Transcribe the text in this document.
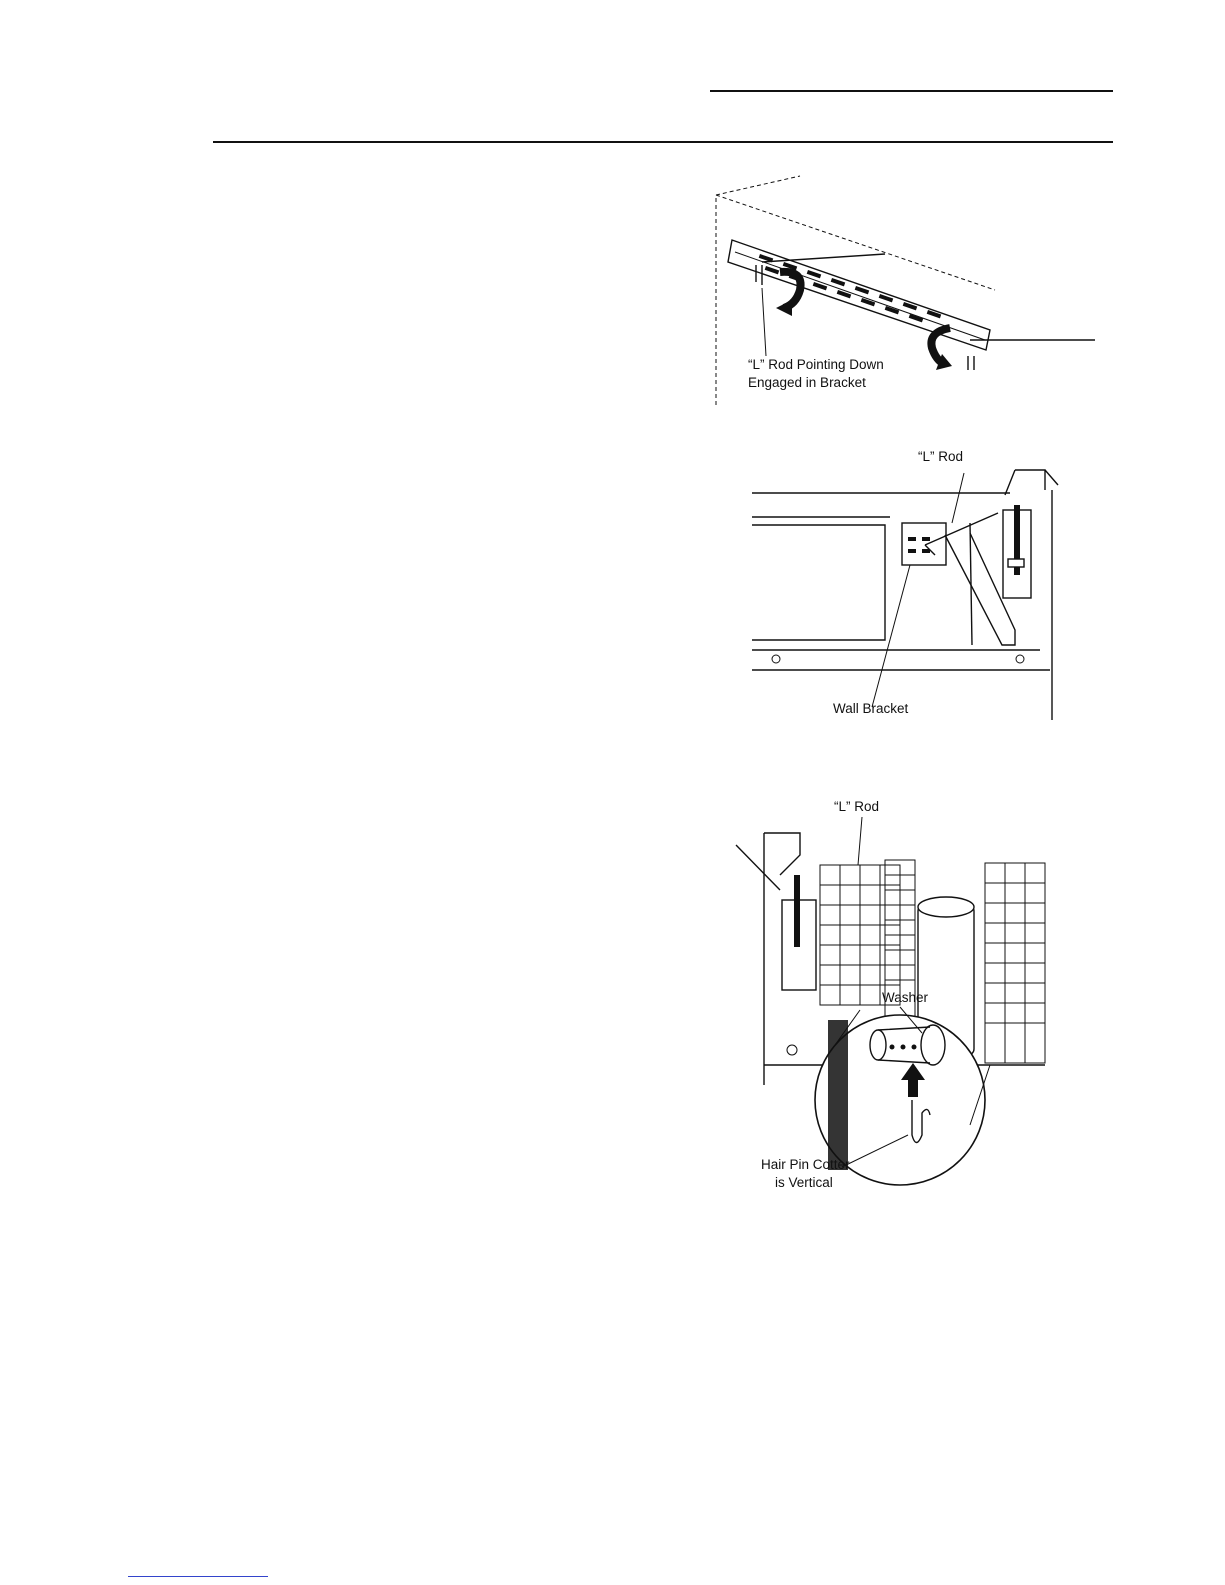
“L” Rod Pointing Down
Engaged in Bracket
“L” Rod
Wall Bracket
“L” Rod
Washer
Hair Pin Cotter
is Vertical
